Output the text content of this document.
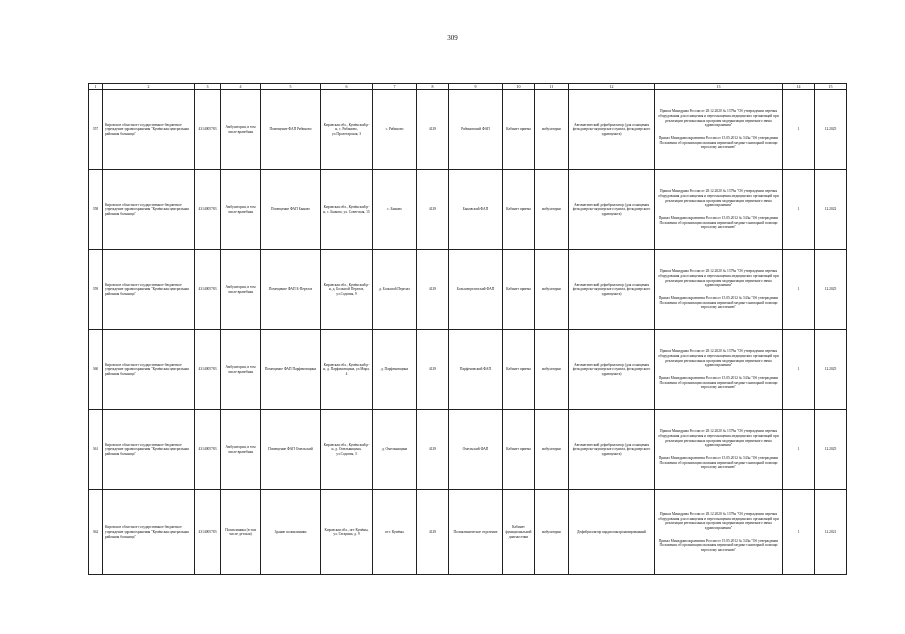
309
1	2	3	4	5	6	7	8	9	10	11	12	13	14	15
357	Кировское областное государственное бюджетное учреждение здравоохранения "Кумёнская центральная районная больница"	4314005783	Амбулатория, в том числе врачебная	Помещение ФАП Рябиново	Кировская обл., Кумёнский р-н, с. Рябиново, ул.Пролетарская, 3	с. Рябиново	4129	Рябиновский ФАП	Кабинет приема	амбулаторно	Автоматический дефибриллятор (для оснащения фельдшерско-акушерского пункта, фельдшерского здравпункта)	Приказ Минздрава России от 28.12.2020 № 1379н "Об утверждении перечня оборудования для оснащения и переоснащения медицинских организаций при реализации региональных программ модернизации первичного звена здравоохранения"
Приказ Минздравсоцразвития России от 15.05.2012 № 543н "Об утверждении Положения об организации оказания первичной медико-санитарной помощи взрослому населению"	1	12.2025
358	Кировское областное государственное бюджетное учреждение здравоохранения "Кумёнская центральная районная больница"	4314005783	Амбулатория, в том числе врачебная	Помещение ФАП Быково	Кировская обл., Кумёнский р-н, с. Быково, ул. Советская, 15	с. Быково	4129	Быковский ФАП	Кабинет приема	амбулаторно	Автоматический дефибриллятор (для оснащения фельдшерско-акушерского пункта, фельдшерского здравпункта)	Приказ Минздрава России от 28.12.2020 № 1379н "Об утверждении перечня оборудования для оснащения и переоснащения медицинских организаций при реализации региональных программ модернизации первичного звена здравоохранения"
Приказ Минздравсоцразвития России от 15.05.2012 № 543н "Об утверждении Положения об организации оказания первичной медико-санитарной помощи взрослому населению"	1	12.2022
359	Кировское областное государственное бюджетное учреждение здравоохранения "Кумёнская центральная районная больница"	4314005783	Амбулатория, в том числе врачебная	Помещение ФАП Б-Перелаз	Кировская обл., Кумёнский р-н, д. Большой Перелаз, ул.Садовая, 9	д. Большой Перелаз	4129	Большепрелазский ФАП	Кабинет приема	амбулаторно	Автоматический дефибриллятор (для оснащения фельдшерско-акушерского пункта, фельдшерского здравпункта)	Приказ Минздрава России от 28.12.2020 № 1379н "Об утверждении перечня оборудования для оснащения и переоснащения медицинских организаций при реализации региональных программ модернизации первичного звена здравоохранения"
Приказ Минздравсоцразвития России от 15.05.2012 № 543н "Об утверждении Положения об организации оказания первичной медико-санитарной помощи взрослому населению"	1	12.2025
360	Кировское областное государственное бюджетное учреждение здравоохранения "Кумёнская центральная районная больница"	4314005783	Амбулатория, в том числе врачебная	Помещение ФАП Парфеновщина	Кировская обл., Кумёнский р-н, д. Парфеновщина, ул.Мира, 4	д. Парфеновщина	4129	Парфеновский ФАП	Кабинет приема	амбулаторно	Автоматический дефибриллятор (для оснащения фельдшерско-акушерского пункта, фельдшерского здравпункта)	Приказ Минздрава России от 28.12.2020 № 1379н "Об утверждении перечня оборудования для оснащения и переоснащения медицинских организаций при реализации региональных программ модернизации первичного звена здравоохранения"
Приказ Минздравсоцразвития России от 15.05.2012 № 543н "Об утверждении Положения об организации оказания первичной медико-санитарной помощи взрослому населению"	1	12.2025
361	Кировское областное государственное бюджетное учреждение здравоохранения "Кумёнская центральная районная больница"	4314005783	Амбулатория, в том числе врачебная	Помещение ФАП Омельский	Кировская обл., Кумёнский р-н, д. Омельянщина, ул.Садовая, 3	д. Омельянщина	4129	Омельский ФАП	Кабинет приема	амбулаторно	Автоматический дефибриллятор (для оснащения фельдшерско-акушерского пункта, фельдшерского здравпункта)	Приказ Минздрава России от 28.12.2020 № 1379н "Об утверждении перечня оборудования для оснащения и переоснащения медицинских организаций при реализации региональных программ модернизации первичного звена здравоохранения"
Приказ Минздравсоцразвития России от 15.05.2012 № 543н "Об утверждении Положения об организации оказания первичной медико-санитарной помощи взрослому населению"	1	12.2025
362	Кировское областное государственное бюджетное учреждение здравоохранения "Кумёнская центральная районная больница"	4314005783	Поликлиника (в том числе детская)	Здание поликлиники	Кировская обл., пгт Кумёны, ул. Гагарина, д. 9	пгт. Кумёны	4129	Поликлиническое отделение	Кабинет функциональной диагностики	амбулаторно	Дефибриллятор кардиосинхронизированный	Приказ Минздрава России от 28.12.2020 № 1379н "Об утверждении перечня оборудования для оснащения и переоснащения медицинских организаций при реализации региональных программ модернизации первичного звена здравоохранения"
Приказ Минздравсоцразвития России от 15.05.2012 № 543н "Об утверждении Положения об организации оказания первичной медико-санитарной помощи взрослому населению"	1	12.2021
